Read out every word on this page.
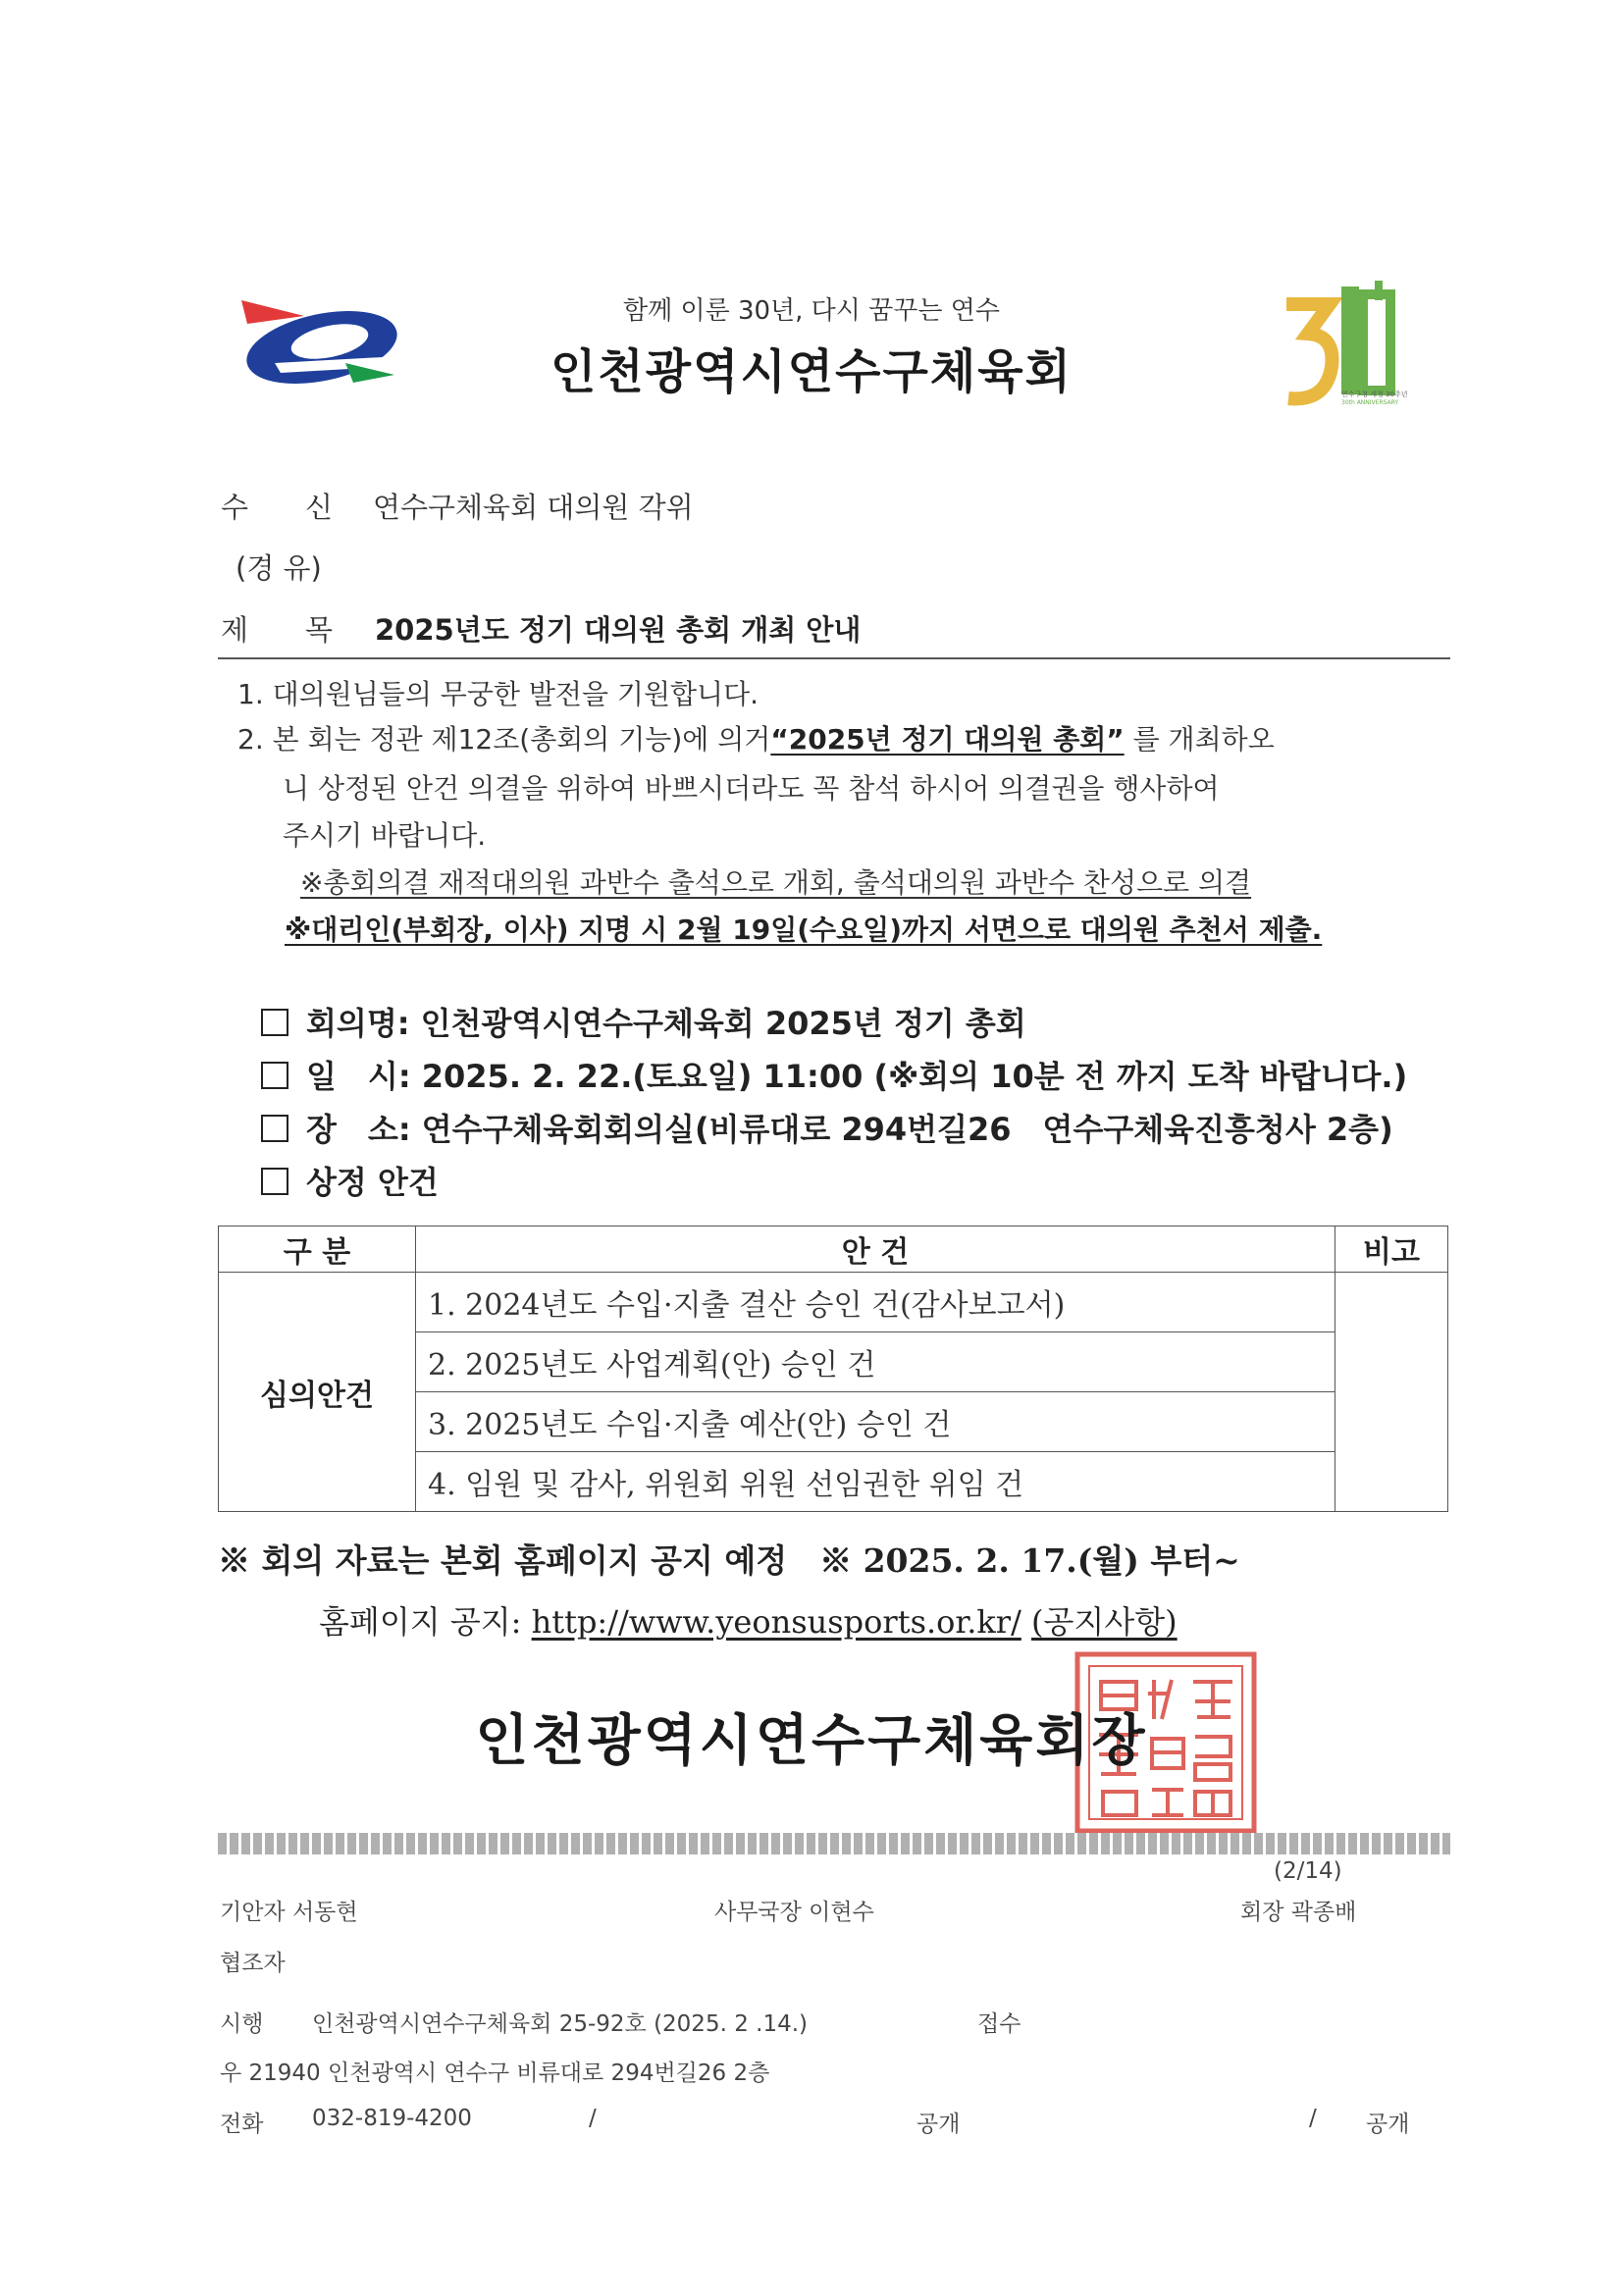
함께 이룬 30년, 다시 꿈꾸는 연수
인천광역시연수구체육회	연수구청 개청 30주년
30th ANNIVERSARY
수　　신 연수구체육회 대의원 각위
(경 유)
제　　목 2025년도 정기 대의원 총회 개최 안내
1. 대의원님들의 무궁한 발전을 기원합니다.
2. 본 회는 정관 제12조(총회의 기능)에 의거“2025년 정기 대의원 총회” 를 개최하오
니 상정된 안건 의결을 위하여 바쁘시더라도 꼭 참석 하시어 의결권을 행사하여
주시기 바랍니다.
※총회의결 재적대의원 과반수 출석으로 개회, 출석대의원 과반수 찬성으로 의결
※대리인(부회장, 이사) 지명 시 2월 19일(수요일)까지 서면으로 대의원 추천서 제출.
회의명: 인천광역시연수구체육회 2025년 정기 총회
일　시: 2025. 2. 22.(토요일) 11:00 (※회의 10분 전 까지 도착 바랍니다.)
장　소: 연수구체육회회의실(비류대로 294번길26　연수구체육진흥청사 2층)
상정 안건
구 분	안 건	비고
심의안건	1. 2024년도 수입·지출 결산 승인 건(감사보고서)	
	2. 2025년도 사업계획(안) 승인 건	
	3. 2025년도 수입·지출 예산(안) 승인 건	
	4. 임원 및 감사, 위원회 위원 선임권한 위임 건	
※ 회의 자료는 본회 홈페이지 공지 예정　※ 2025. 2. 17.(월) 부터~
홈페이지 공지: http://www.yeonsusports.or.kr/ (공지사항)
인천광역시연수구체육회장
(2/14)
기안자 서동현	사무국장 이현수	회장 곽종배
협조자
시행 인천광역시연수구체육회 25-92호 (2025. 2 .14.)	접수
우 21940 인천광역시 연수구 비류대로 294번길26 2층
전화 032-819-4200	/	공개	/ 공개
